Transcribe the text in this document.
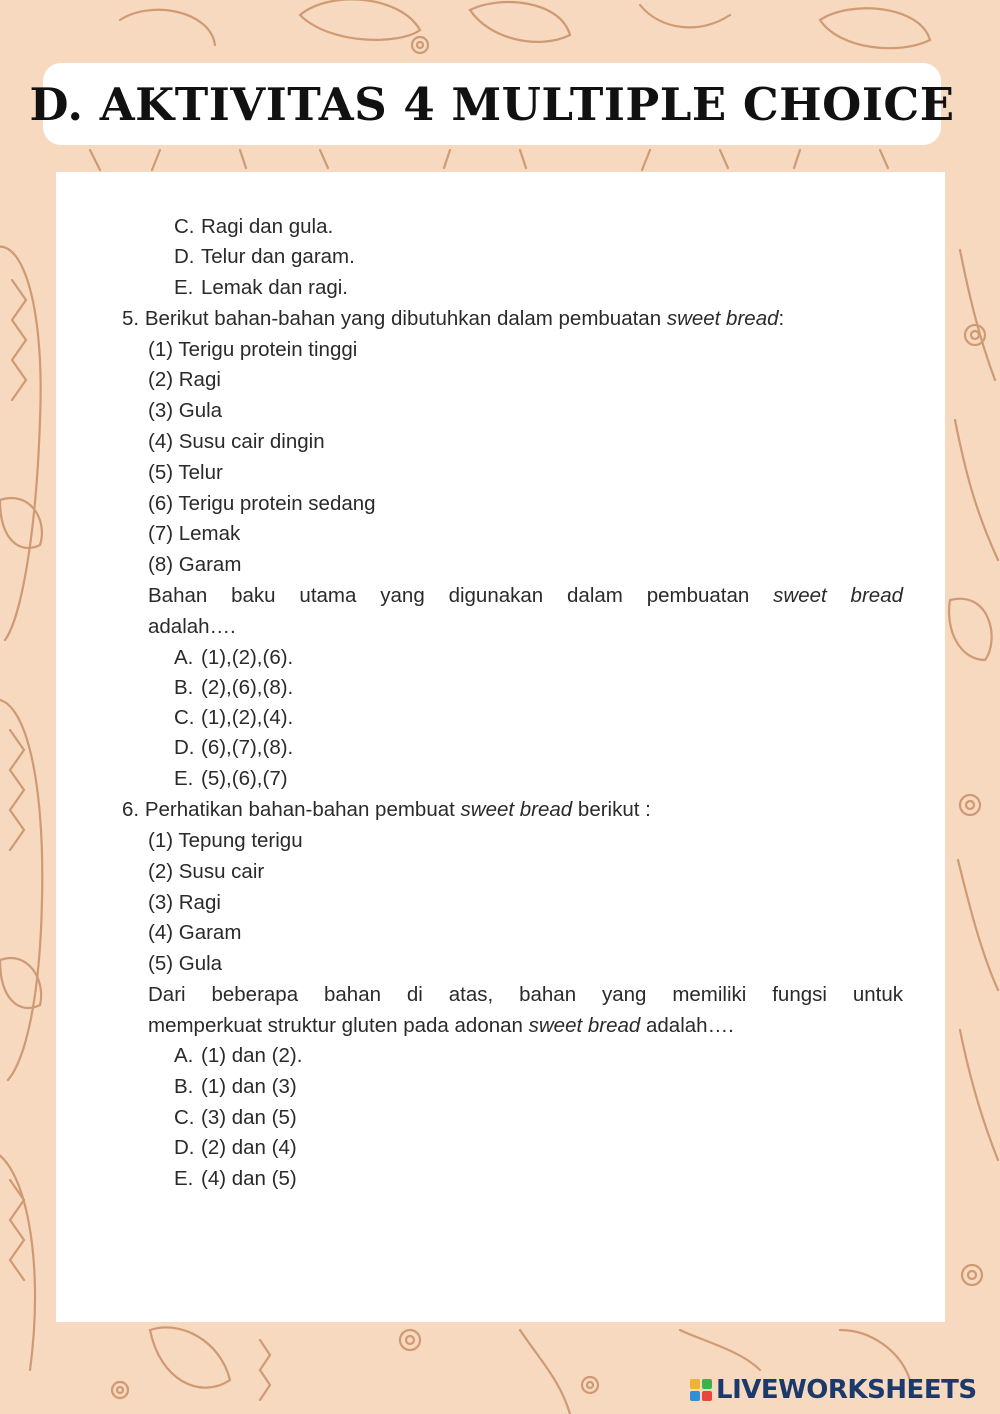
D. AKTIVITAS 4 MULTIPLE CHOICE
C. Ragi dan gula.
D. Telur dan garam.
E. Lemak dan ragi.
5. Berikut bahan-bahan yang dibutuhkan dalam pembuatan sweet bread:
(1) Terigu protein tinggi
(2) Ragi
(3) Gula
(4) Susu cair dingin
(5) Telur
(6) Terigu protein sedang
(7) Lemak
(8) Garam
Bahan baku utama yang digunakan dalam pembuatan sweet bread
adalah….
A. (1),(2),(6).
B. (2),(6),(8).
C. (1),(2),(4).
D. (6),(7),(8).
E. (5),(6),(7)
6. Perhatikan bahan-bahan pembuat sweet bread berikut :
(1) Tepung terigu
(2) Susu cair
(3) Ragi
(4) Garam
(5) Gula
Dari beberapa bahan di atas, bahan yang memiliki fungsi untuk
memperkuat struktur gluten pada adonan sweet bread adalah….
A. (1) dan (2).
B. (1) dan (3)
C. (3) dan (5)
D. (2) dan (4)
E. (4) dan (5)
LIVEWORKSHEETS
